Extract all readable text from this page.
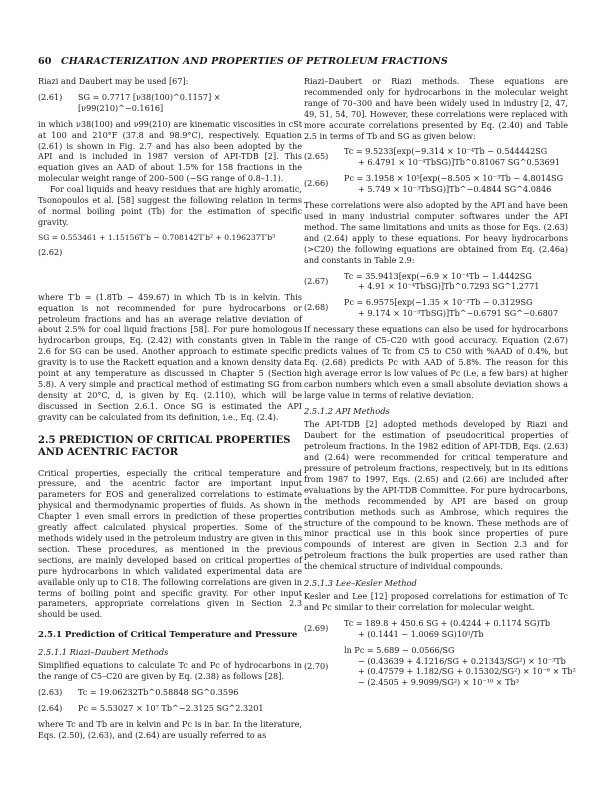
60 CHARACTERIZATION AND PROPERTIES OF PETROLEUM FRACTIONS

Riazi and Daubert may be used [67]:

(2.61)	SG = 0.7717 [ν38(100)^0.1157] × [ν99(210)^−0.1616]

in which ν38(100) and ν99(210) are kinematic viscosities in cSt at 100 and 210°F (37.8 and 98.9°C), respectively. Equation (2.61) is shown in Fig. 2.7 and has also been adopted by the API and is included in 1987 version of API-TDB [2]. This equation gives an AAD of about 1.5% for 158 fractions in the molecular weight range of 200–500 (~SG range of 0.8–1.1).

For coal liquids and heavy residues that are highly aromatic, Tsonopoulos et al. [58] suggest the following relation in terms of normal boiling point (Tb) for the estimation of specific gravity.

SG = 0.553461 + 1.15156T′b − 0.708142T′b² + 0.196237T′b³
(2.62)

where T′b = (1.8Tb − 459.67) in which Tb is in kelvin. This equation is not recommended for pure hydrocarbons or petroleum fractions and has an average relative deviation of about 2.5% for coal liquid fractions [58]. For pure homologous hydrocarbon groups, Eq. (2.42) with constants given in Table 2.6 for SG can be used. Another approach to estimate specific gravity is to use the Rackett equation and a known density data point at any temperature as discussed in Chapter 5 (Section 5.8). A very simple and practical method of estimating SG from density at 20°C, d, is given by Eq. (2.110), which will be discussed in Section 2.6.1. Once SG is estimated the API gravity can be calculated from its definition, i.e., Eq. (2.4).

2.5 PREDICTION OF CRITICAL PROPERTIES AND ACENTRIC FACTOR

Critical properties, especially the critical temperature and pressure, and the acentric factor are important input parameters for EOS and generalized correlations to estimate physical and thermodynamic properties of fluids. As shown in Chapter 1 even small errors in prediction of these properties greatly affect calculated physical properties. Some of the methods widely used in the petroleum industry are given in this section. These procedures, as mentioned in the previous sections, are mainly developed based on critical properties of pure hydrocarbons in which validated experimental data are available only up to C18. The following correlations are given in terms of boiling point and specific gravity. For other input parameters, appropriate correlations given in Section 2.3 should be used.

2.5.1 Prediction of Critical Temperature and Pressure
2.5.1.1 Riazi–Daubert Methods

Simplified equations to calculate Tc and Pc of hydrocarbons in the range of C5–C20 are given by Eq. (2.38) as follows [28].

(2.63)	Tc = 19.06232Tb^0.58848 SG^0.3596
(2.64)	Pc = 5.53027 × 10⁷ Tb^−2.3125 SG^2.3201

where Tc and Tb are in kelvin and Pc is in bar. In the literature, Eqs. (2.50), (2.63), and (2.64) are usually referred to as

Riazi–Daubert or Riazi methods. These equations are recommended only for hydrocarbons in the molecular weight range of 70–300 and have been widely used in industry [2, 47, 49, 51, 54, 70]. However, these correlations were replaced with more accurate correlations presented by Eq. (2.40) and Table 2.5 in terms of Tb and SG as given below:

(2.65)	Tc = 9.5233[exp(−9.314 × 10⁻⁴Tb − 0.544442SG
+ 6.4791 × 10⁻⁴TbSG)]Tb^0.81067 SG^0.53691
(2.66)	Pc = 3.1958 × 10⁵[exp(−8.505 × 10⁻³Tb − 4.8014SG
+ 5.749 × 10⁻³TbSG)]Tb^−0.4844 SG^4.0846

These correlations were also adopted by the API and have been used in many industrial computer softwares under the API method. The same limitations and units as those for Eqs. (2.63) and (2.64) apply to these equations. For heavy hydrocarbons (>C20) the following equations are obtained from Eq. (2.46a) and constants in Table 2.9:

(2.67)	Tc = 35.9413[exp(−6.9 × 10⁻⁴Tb − 1.4442SG
+ 4.91 × 10⁻⁴TbSG)]Tb^0.7293 SG^1.2771
(2.68)	Pc = 6.9575[exp(−1.35 × 10⁻²Tb − 0.3129SG
+ 9.174 × 10⁻³TbSG)]Tb^−0.6791 SG^−0.6807

If necessary these equations can also be used for hydrocarbons in the range of C5–C20 with good accuracy. Equation (2.67) predicts values of Tc from C5 to C50 with %AAD of 0.4%, but Eq. (2.68) predicts Pc with AAD of 5.8%. The reason for this high average error is low values of Pc (i.e, a few bars) at higher carbon numbers which even a small absolute deviation shows a large value in terms of relative deviation.

2.5.1.2 API Methods

The API-TDB [2] adopted methods developed by Riazi and Daubert for the estimation of pseudocritical properties of petroleum fractions. In the 1982 edition of API-TDB, Eqs. (2.63) and (2.64) were recommended for critical temperature and pressure of petroleum fractions, respectively, but in its editions from 1987 to 1997, Eqs. (2.65) and (2.66) are included after evaluations by the API-TDB Committee. For pure hydrocarbons, the methods recommended by API are based on group contribution methods such as Ambrose, which requires the structure of the compound to be known. These methods are of minor practical use in this book since properties of pure compounds of interest are given in Section 2.3 and for petroleum fractions the bulk properties are used rather than the chemical structure of individual compounds.

2.5.1.3 Lee–Kesler Method

Kesler and Lee [12] proposed correlations for estimation of Tc and Pc similar to their correlation for molecular weight.

(2.69)	Tc = 189.8 + 450.6 SG + (0.4244 + 0.1174 SG)Tb
+ (0.1441 − 1.0069 SG)10⁵/Tb
(2.70)
ln Pc = 5.689 − 0.0566/SG
− (0.43639 + 4.1216/SG + 0.21343/SG²) × 10⁻³Tb
+ (0.47579 + 1.182/SG + 0.15302/SG²) × 10⁻⁶ × Tb²
− (2.4505 + 9.9099/SG²) × 10⁻¹⁰ × Tb³
